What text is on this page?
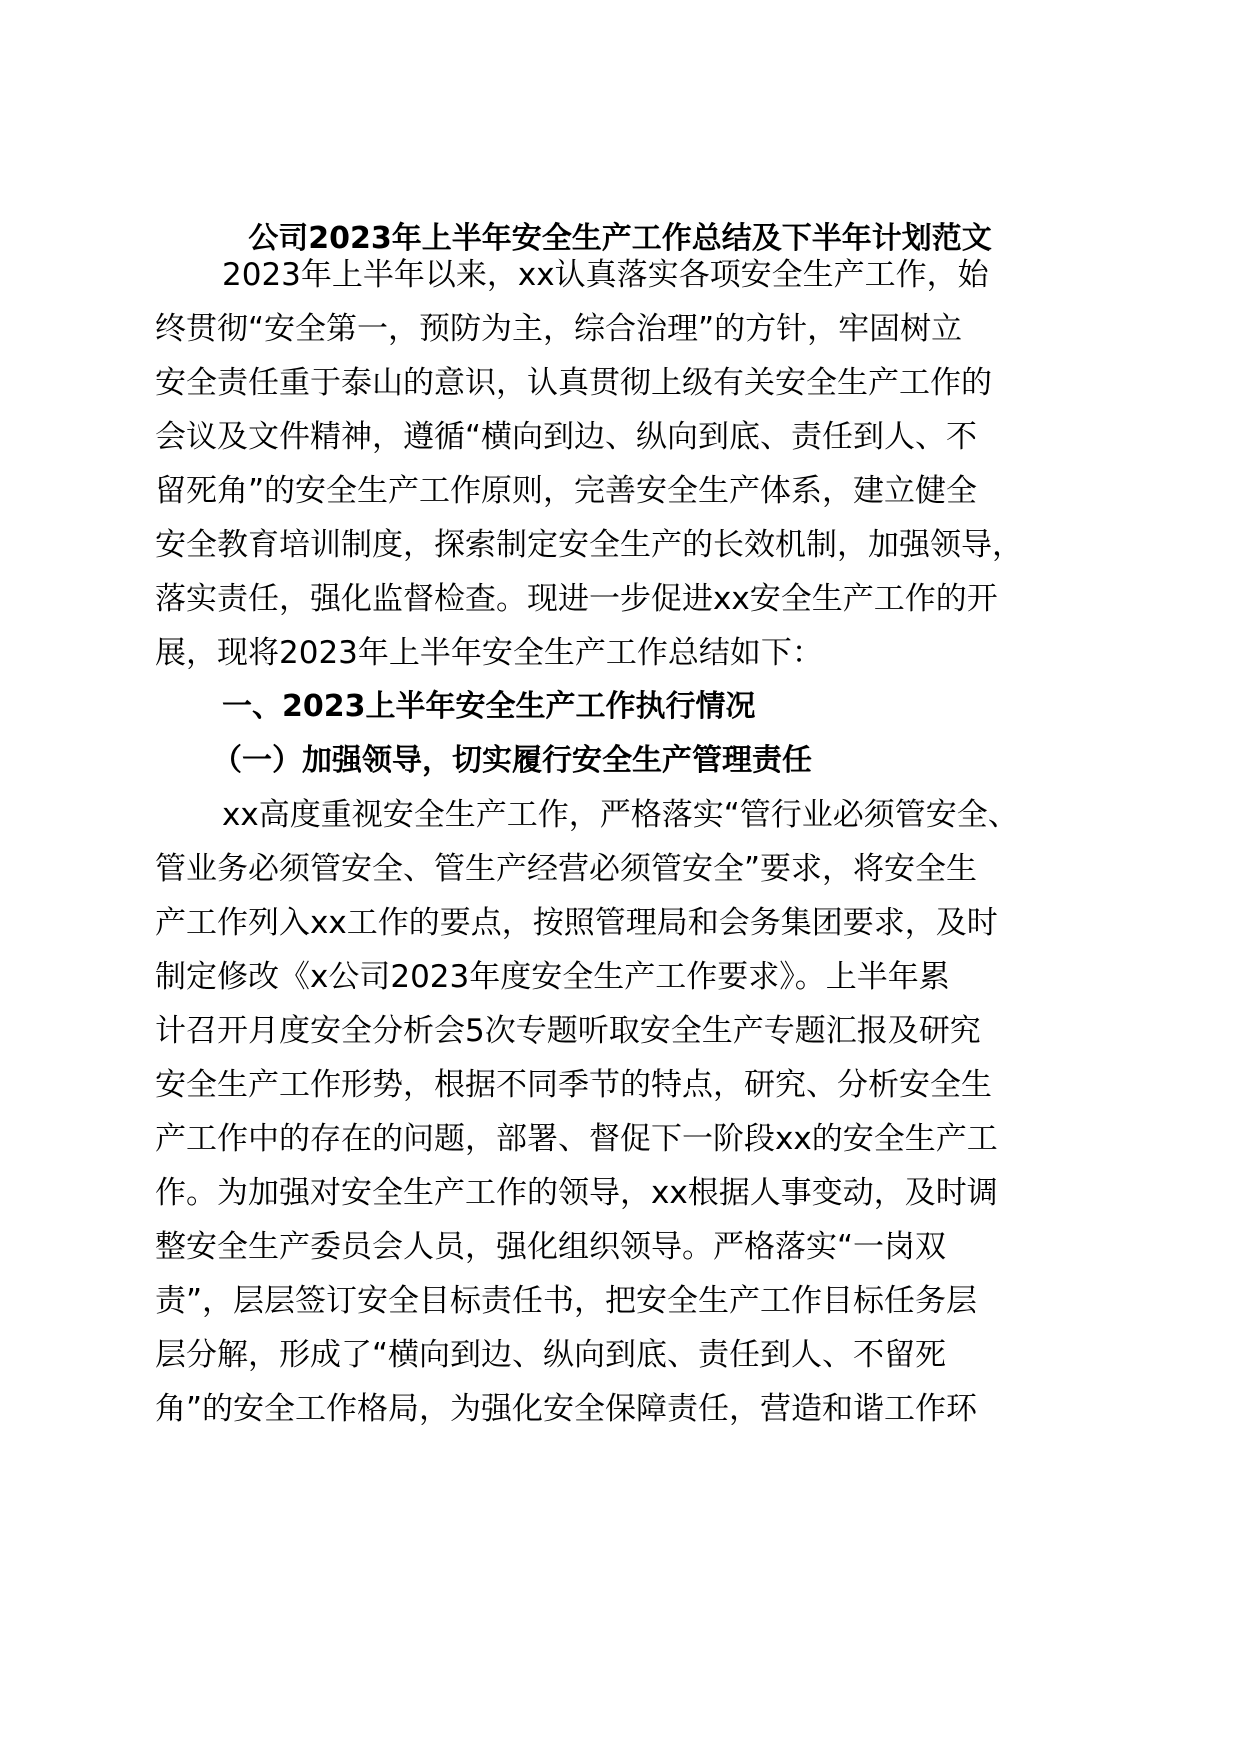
公司2023年上半年安全生产工作总结及下半年计划范文
2023年上半年以来，xx认真落实各项安全生产工作，始
终贯彻“安全第一，预防为主，综合治理”的方针，牢固树立
安全责任重于泰山的意识，认真贯彻上级有关安全生产工作的
会议及文件精神，遵循“横向到边、纵向到底、责任到人、不
留死角”的安全生产工作原则，完善安全生产体系，建立健全
安全教育培训制度，探索制定安全生产的长效机制，加强领导，
落实责任，强化监督检查。现进一步促进xx安全生产工作的开
展，现将2023年上半年安全生产工作总结如下：
一、2023上半年安全生产工作执行情况
（一）加强领导，切实履行安全生产管理责任
xx高度重视安全生产工作，严格落实“管行业必须管安全、
管业务必须管安全、管生产经营必须管安全”要求，将安全生
产工作列入xx工作的要点，按照管理局和会务集团要求，及时
制定修改《x公司2023年度安全生产工作要求》。上半年累
计召开月度安全分析会5次专题听取安全生产专题汇报及研究
安全生产工作形势，根据不同季节的特点，研究、分析安全生
产工作中的存在的问题，部署、督促下一阶段xx的安全生产工
作。为加强对安全生产工作的领导，xx根据人事变动，及时调
整安全生产委员会人员，强化组织领导。严格落实“一岗双
责”，层层签订安全目标责任书，把安全生产工作目标任务层
层分解，形成了“横向到边、纵向到底、责任到人、不留死
角”的安全工作格局，为强化安全保障责任，营造和谐工作环
